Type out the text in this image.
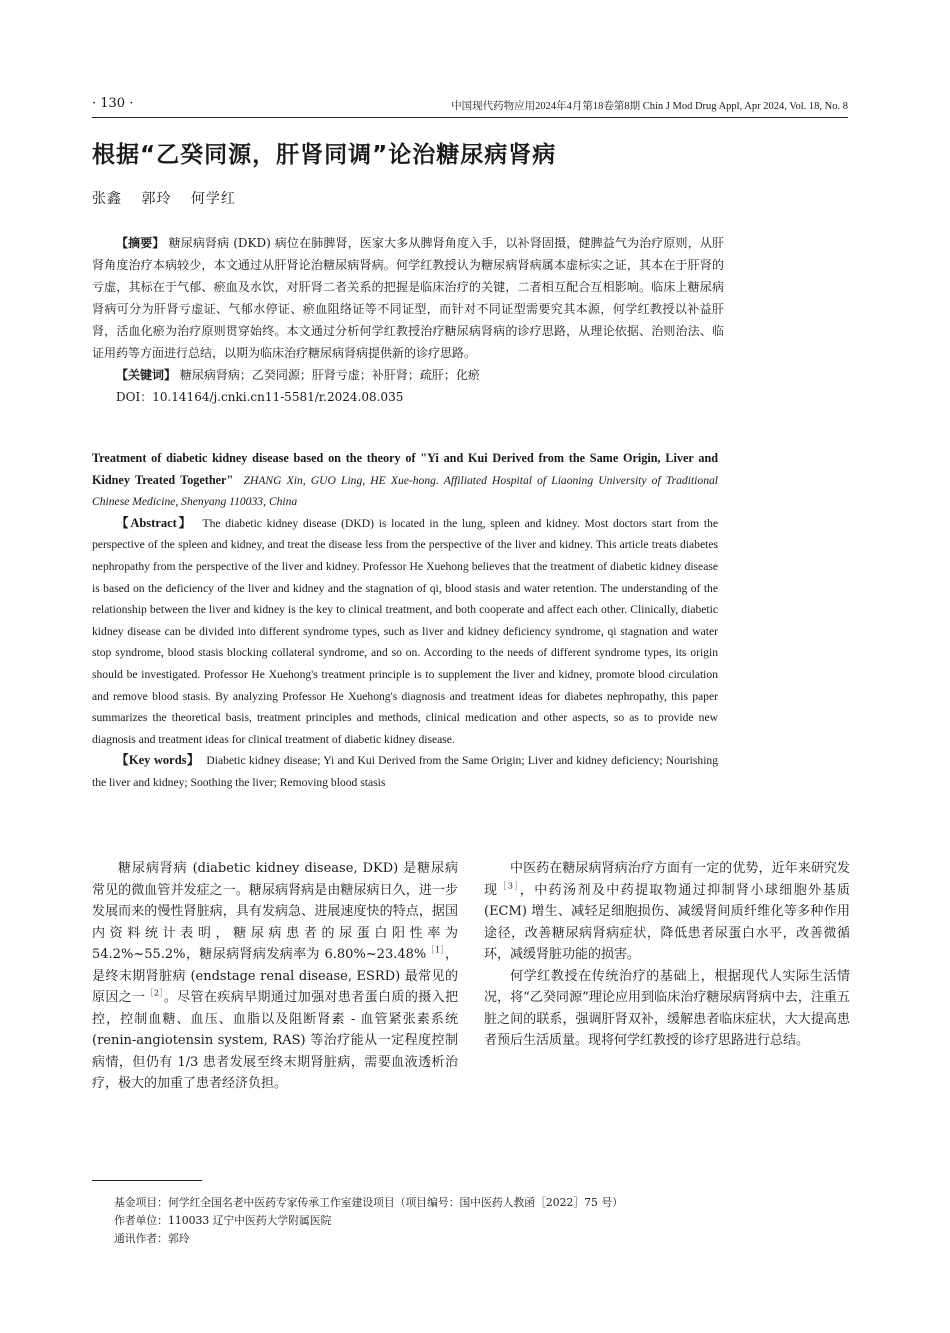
· 130 ·	中国现代药物应用2024年4月第18卷第8期 Chin J Mod Drug Appl, Apr 2024, Vol. 18, No. 8
根据“乙癸同源，肝肾同调”论治糖尿病肾病
张鑫 郭玲 何学红
【摘要】 糖尿病肾病 (DKD) 病位在肺脾肾，医家大多从脾肾角度入手，以补肾固摄，健脾益气为治疗原则，从肝肾角度治疗本病较少，本文通过从肝肾论治糖尿病肾病。何学红教授认为糖尿病肾病属本虚标实之证，其本在于肝肾的亏虚，其标在于气郁、瘀血及水饮，对肝肾二者关系的把握是临床治疗的关键，二者相互配合互相影响。临床上糖尿病肾病可分为肝肾亏虚证、气郁水停证、瘀血阻络证等不同证型，而针对不同证型需要究其本源，何学红教授以补益肝肾，活血化瘀为治疗原则贯穿始终。本文通过分析何学红教授治疗糖尿病肾病的诊疗思路，从理论依据、治则治法、临证用药等方面进行总结，以期为临床治疗糖尿病肾病提供新的诊疗思路。
【关键词】 糖尿病肾病；乙癸同源；肝肾亏虚；补肝肾；疏肝；化瘀
DOI：10.14164/j.cnki.cn11-5581/r.2024.08.035
Treatment of diabetic kidney disease based on the theory of "Yi and Kui Derived from the Same Origin, Liver and Kidney Treated Together" ZHANG Xin, GUO Ling, HE Xue-hong. Affiliated Hospital of Liaoning University of Traditional Chinese Medicine, Shenyang 110033, China
【Abstract】 The diabetic kidney disease (DKD) is located in the lung, spleen and kidney. Most doctors start from the perspective of the spleen and kidney, and treat the disease less from the perspective of the liver and kidney. This article treats diabetes nephropathy from the perspective of the liver and kidney. Professor He Xuehong believes that the treatment of diabetic kidney disease is based on the deficiency of the liver and kidney and the stagnation of qi, blood stasis and water retention. The understanding of the relationship between the liver and kidney is the key to clinical treatment, and both cooperate and affect each other. Clinically, diabetic kidney disease can be divided into different syndrome types, such as liver and kidney deficiency syndrome, qi stagnation and water stop syndrome, blood stasis blocking collateral syndrome, and so on. According to the needs of different syndrome types, its origin should be investigated. Professor He Xuehong's treatment principle is to supplement the liver and kidney, promote blood circulation and remove blood stasis. By analyzing Professor He Xuehong's diagnosis and treatment ideas for diabetes nephropathy, this paper summarizes the theoretical basis, treatment principles and methods, clinical medication and other aspects, so as to provide new diagnosis and treatment ideas for clinical treatment of diabetic kidney disease.
【Key words】 Diabetic kidney disease; Yi and Kui Derived from the Same Origin; Liver and kidney deficiency; Nourishing the liver and kidney; Soothing the liver; Removing blood stasis

糖尿病肾病 (diabetic kidney disease, DKD) 是糖尿病常见的微血管并发症之一。糖尿病肾病是由糖尿病日久，进一步发展而来的慢性肾脏病，具有发病急、进展速度快的特点，据国内资料统计表明，糖尿病患者的尿蛋白阳性率为 54.2%~55.2%，糖尿病肾病发病率为 6.80%~23.48%$^{[1]}$，是终末期肾脏病 (endstage renal disease, ESRD) 最常见的原因之一$^{[2]}$。尽管在疾病早期通过加强对患者蛋白质的摄入把控，控制血糖、血压、血脂以及阻断肾素 - 血管紧张素系统 (renin-angiotensin system, RAS) 等治疗能从一定程度控制病情，但仍有 1/3 患者发展至终末期肾脏病，需要血液透析治疗，极大的加重了患者经济负担。

中医药在糖尿病肾病治疗方面有一定的优势，近年来研究发现$^{[3]}$，中药汤剂及中药提取物通过抑制肾小球细胞外基质 (ECM) 增生、减轻足细胞损伤、减缓肾间质纤维化等多种作用途径，改善糖尿病肾病症状，降低患者尿蛋白水平，改善微循环，减缓肾脏功能的损害。

何学红教授在传统治疗的基础上，根据现代人实际生活情况，将“乙癸同源”理论应用到临床治疗糖尿病肾病中去，注重五脏之间的联系，强调肝肾双补，缓解患者临床症状，大大提高患者预后生活质量。现将何学红教授的诊疗思路进行总结。

基金项目：何学红全国名老中医药专家传承工作室建设项目（项目编号：国中医药人教函［2022］75 号）
作者单位：110033 辽宁中医药大学附属医院
通讯作者：郭玲
